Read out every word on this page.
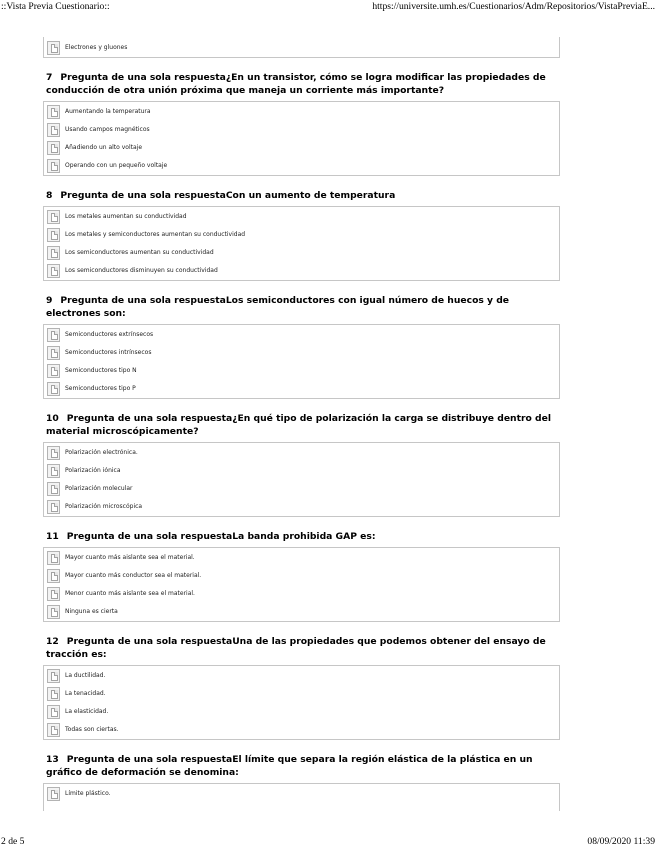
::Vista Previa Cuestionario::	https://universite.umh.es/Cuestionarios/Adm/Repositorios/VistaPreviaE...
Electrones y gluones
7 Pregunta de una sola respuesta¿En un transistor, cómo se logra modificar las propiedades de conducción de otra unión próxima que maneja un corriente más importante?
Aumentando la temperatura
Usando campos magnéticos
Añadiendo un alto voltaje
Operando con un pequeño voltaje
8 Pregunta de una sola respuestaCon un aumento de temperatura
Los metales aumentan su conductividad
Los metales y semiconductores aumentan su conductividad
Los semiconductores aumentan su conductividad
Los semiconductores disminuyen su conductividad
9 Pregunta de una sola respuestaLos semiconductores con igual número de huecos y de electrones son:
Semiconductores extrínsecos
Semiconductores intrínsecos
Semiconductores tipo N
Semiconductores tipo P
10 Pregunta de una sola respuesta¿En qué tipo de polarización la carga se distribuye dentro del material microscópicamente?
Polarización electrónica.
Polarización iónica
Polarización molecular
Polarización microscópica
11 Pregunta de una sola respuestaLa banda prohibida GAP es:
Mayor cuanto más aislante sea el material.
Mayor cuanto más conductor sea el material.
Menor cuanto más aislante sea el material.
Ninguna es cierta
12 Pregunta de una sola respuestaUna de las propiedades que podemos obtener del ensayo de tracción es:
La ductilidad.
La tenacidad.
La elasticidad.
Todas son ciertas.
13 Pregunta de una sola respuestaEl límite que separa la región elástica de la plástica en un gráfico de deformación se denomina:
Límite plástico.
2 de 5	08/09/2020 11:39
